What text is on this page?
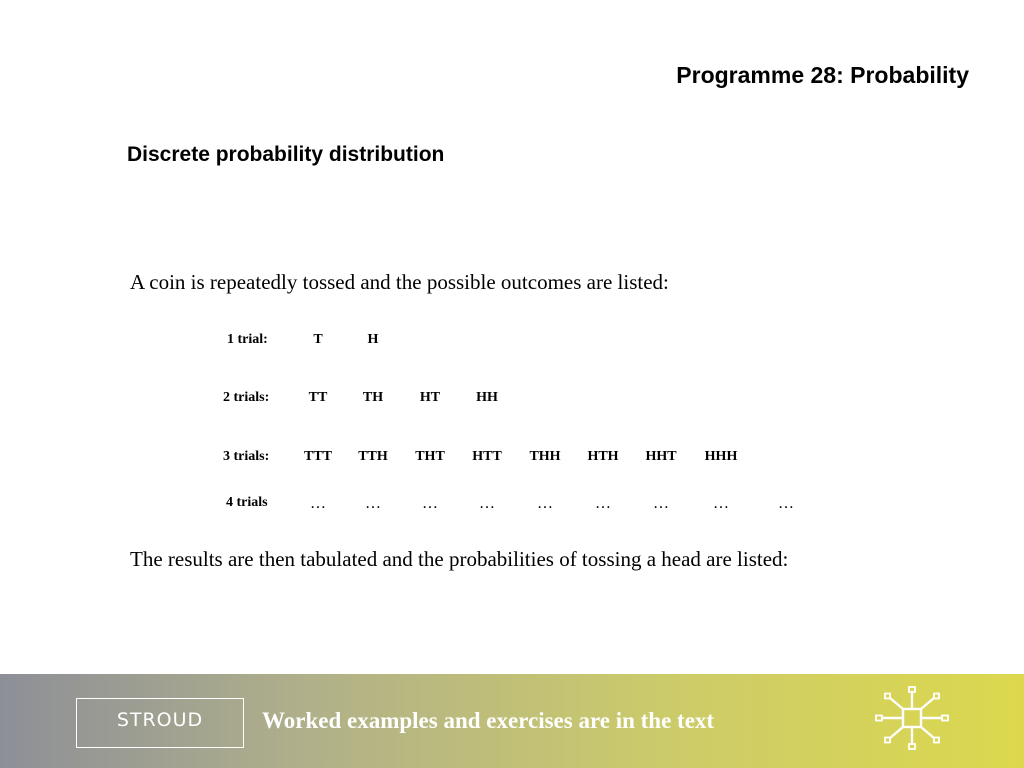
Programme 28: Probability
Discrete probability distribution
A coin is repeatedly tossed and the possible outcomes are listed:
1 trial:	T	H
2 trials:	TT	TH	HT	HH
3 trials: TTT TTH THT HTT THH HTH HHT HHH
4 trials	… …	…	…	…	…	…	…	…
The results are then tabulated and the probabilities of tossing a head are listed:
STROUD	Worked examples and exercises are in the text
